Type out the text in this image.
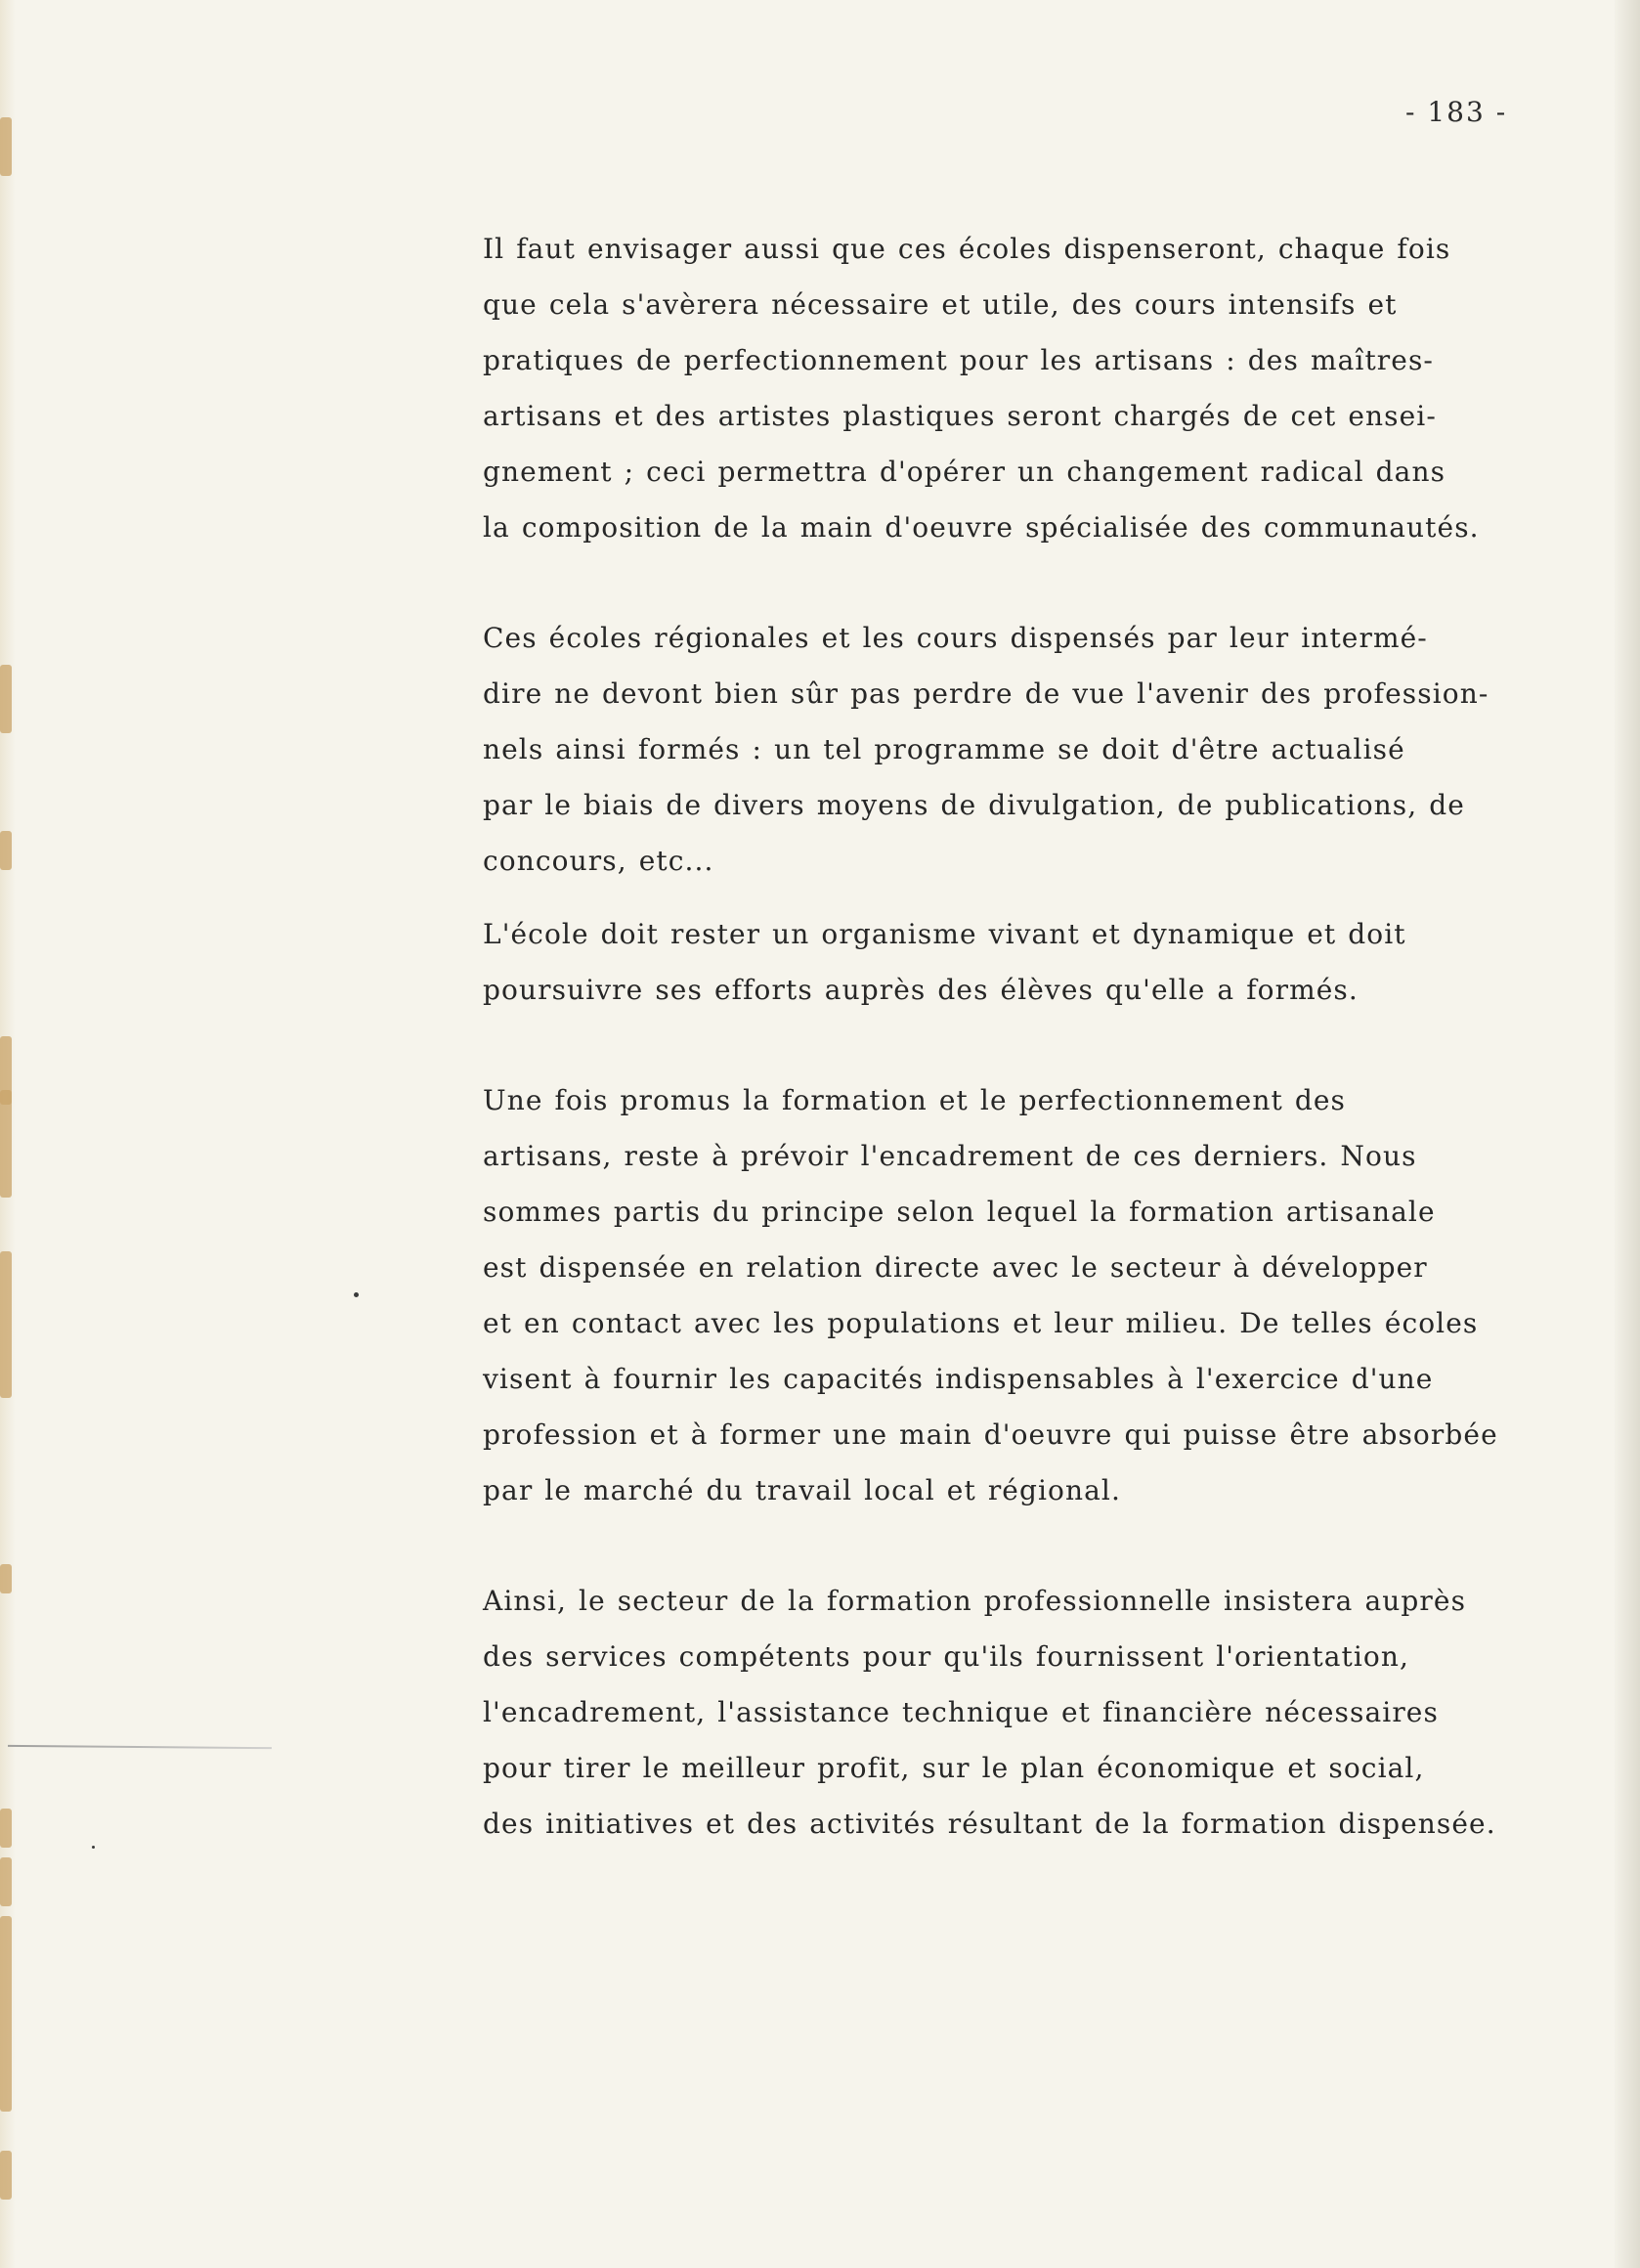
- 183 -

Il faut envisager aussi que ces écoles dispenseront, chaque fois
que cela s'avèrera nécessaire et utile, des cours intensifs et
pratiques de perfectionnement pour les artisans : des maîtres-
artisans et des artistes plastiques seront chargés de cet ensei-
gnement ; ceci permettra d'opérer un changement radical dans
la composition de la main d'oeuvre spécialisée des communautés.

Ces écoles régionales et les cours dispensés par leur intermé-
dire ne devont bien sûr pas perdre de vue l'avenir des profession-
nels ainsi formés : un tel programme se doit d'être actualisé
par le biais de divers moyens de divulgation, de publications, de
concours, etc...

L'école doit rester un organisme vivant et dynamique et doit
poursuivre ses efforts auprès des élèves qu'elle a formés.

Une fois promus la formation et le perfectionnement des
artisans, reste à prévoir l'encadrement de ces derniers. Nous
sommes partis du principe selon lequel la formation artisanale
est dispensée en relation directe avec le secteur à développer
et en contact avec les populations et leur milieu. De telles écoles
visent à fournir les capacités indispensables à l'exercice d'une
profession et à former une main d'oeuvre qui puisse être absorbée
par le marché du travail local et régional.

Ainsi, le secteur de la formation professionnelle insistera auprès
des services compétents pour qu'ils fournissent l'orientation,
l'encadrement, l'assistance technique et financière nécessaires
pour tirer le meilleur profit, sur le plan économique et social,
des initiatives et des activités résultant de la formation dispensée.
